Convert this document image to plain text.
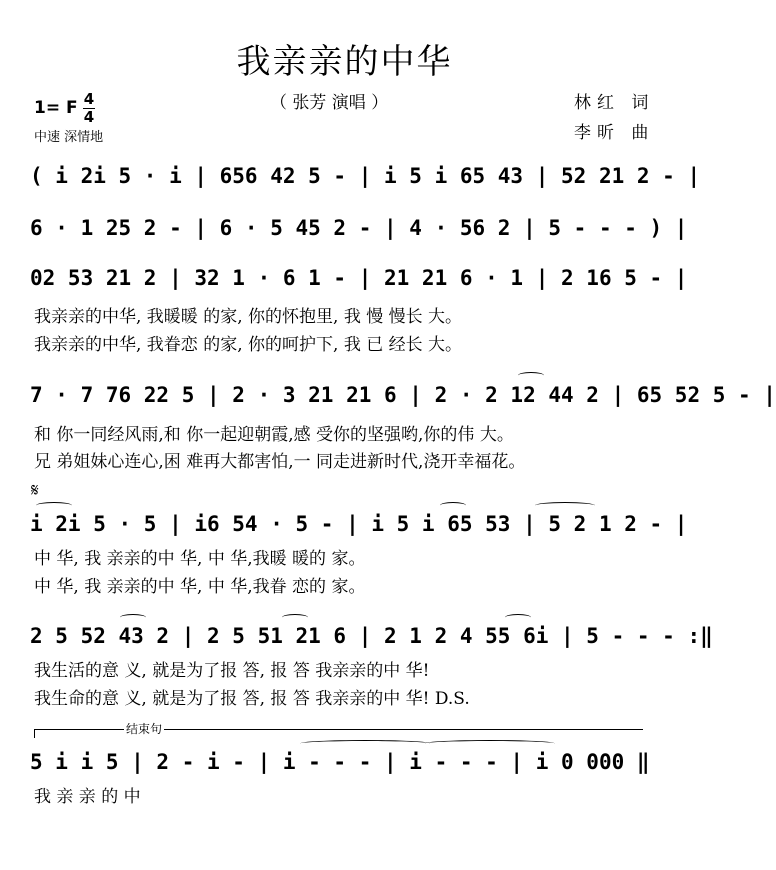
我亲亲的中华
（ 张芳 演唱 ）	林红 词
李昕 曲
1= F 4
4
中速 深情地
( i 2i 5 · i | 656 42 5 - | i 5 i 65 43 | 52 21 2 - |
6 · 1 25 2 - | 6 · 5 45 2 - | 4 · 56 2 | 5 - - - ) |
02 53 21 2 | 32 1 · 6 1 - | 21 21 6 · 1 | 2 16 5 - |
我亲亲的中华, 我暖暖 的家, 你的怀抱里, 我 慢 慢长 大。
我亲亲的中华, 我眷恋 的家, 你的呵护下, 我 已 经长 大。
7 · 7 76 22 5 | 2 · 3 21 21 6 | 2 · 2 12 44 2 | 65 52 5 - |
和 你一同经风雨,和 你一起迎朝霞,感 受你的坚强哟,你的伟 大。
兄 弟姐妹心连心,困 难再大都害怕,一 同走进新时代,浇开幸福花。
𝄋
i 2i 5 · 5 | i6 54 · 5 - | i 5 i 65 53 | 5 2 1 2 - |
中 华, 我 亲亲的中 华, 中 华,我暖 暖的 家。
中 华, 我 亲亲的中 华, 中 华,我眷 恋的 家。
2 5 52 43 2 | 2 5 51 21 6 | 2 1 2 4 55 6i | 5 - - - :‖
我生活的意 义, 就是为了报 答, 报 答 我亲亲的中 华!
我生命的意 义, 就是为了报 答, 报 答 我亲亲的中 华! D.S.
结束句
5 i i 5 | 2 - i - | i - - - | i - - - | i 0 000 ‖
我 亲 亲 的 中
